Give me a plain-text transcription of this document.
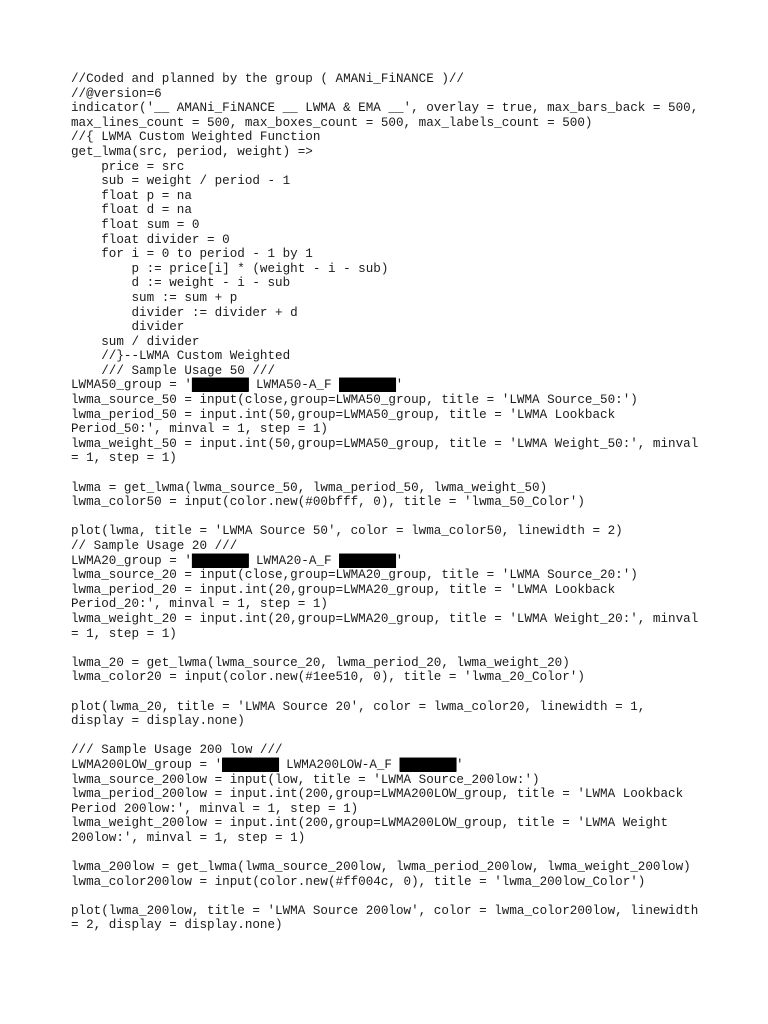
//Coded and planned by the group ( AMANi_FiNANCE )//
//@version=6
indicator('__ AMANi_FiNANCE __ LWMA & EMA __', overlay = true, max_bars_back = 500,
max_lines_count = 500, max_boxes_count = 500, max_labels_count = 500)
//{ LWMA Custom Weighted Function
get_lwma(src, period, weight) =>
price = src
sub = weight / period - 1
float p = na
float d = na
float sum = 0
float divider = 0
for i = 0 to period - 1 by 1
p := price[i] * (weight - i - sub)
d := weight - i - sub
sum := sum + p
divider := divider + d
divider
sum / divider
//}--LWMA Custom Weighted
/// Sample Usage 50 ///
LWMA50_group = '████████ LWMA50-A_F ████████'
lwma_source_50 = input(close,group=LWMA50_group, title = 'LWMA Source_50:')
lwma_period_50 = input.int(50,group=LWMA50_group, title = 'LWMA Lookback
Period_50:', minval = 1, step = 1)
lwma_weight_50 = input.int(50,group=LWMA50_group, title = 'LWMA Weight_50:', minval
= 1, step = 1)
lwma = get_lwma(lwma_source_50, lwma_period_50, lwma_weight_50)
lwma_color50 = input(color.new(#00bfff, 0), title = 'lwma_50_Color')
plot(lwma, title = 'LWMA Source 50', color = lwma_color50, linewidth = 2)
// Sample Usage 20 ///
LWMA20_group = '████████ LWMA20-A_F ████████'
lwma_source_20 = input(close,group=LWMA20_group, title = 'LWMA Source_20:')
lwma_period_20 = input.int(20,group=LWMA20_group, title = 'LWMA Lookback
Period_20:', minval = 1, step = 1)
lwma_weight_20 = input.int(20,group=LWMA20_group, title = 'LWMA Weight_20:', minval
= 1, step = 1)
lwma_20 = get_lwma(lwma_source_20, lwma_period_20, lwma_weight_20)
lwma_color20 = input(color.new(#1ee510, 0), title = 'lwma_20_Color')
plot(lwma_20, title = 'LWMA Source 20', color = lwma_color20, linewidth = 1,
display = display.none)
/// Sample Usage 200 low ///
LWMA200LOW_group = '████████ LWMA200LOW-A_F ████████'
lwma_source_200low = input(low, title = 'LWMA Source_200low:')
lwma_period_200low = input.int(200,group=LWMA200LOW_group, title = 'LWMA Lookback
Period 200low:', minval = 1, step = 1)
lwma_weight_200low = input.int(200,group=LWMA200LOW_group, title = 'LWMA Weight
200low:', minval = 1, step = 1)
lwma_200low = get_lwma(lwma_source_200low, lwma_period_200low, lwma_weight_200low)
lwma_color200low = input(color.new(#ff004c, 0), title = 'lwma_200low_Color')
plot(lwma_200low, title = 'LWMA Source 200low', color = lwma_color200low, linewidth
= 2, display = display.none)
